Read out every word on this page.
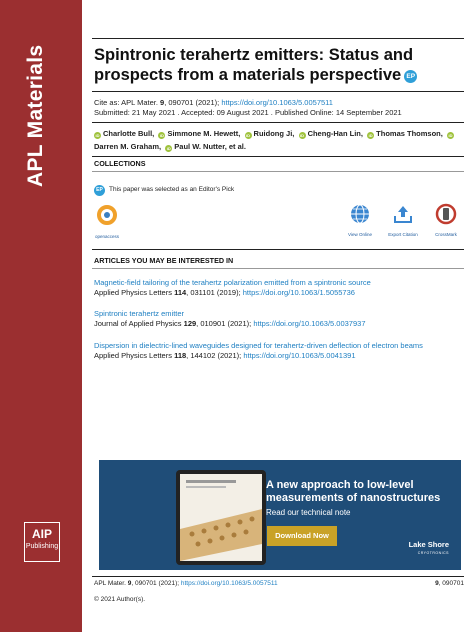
APL Materials
AIP
Publishing
Spintronic terahertz emitters: Status and prospects from a materials perspective EP
Cite as: APL Mater. 9, 090701 (2021); https://doi.org/10.1063/5.0057511
Submitted: 21 May 2021 . Accepted: 09 August 2021 . Published Online: 14 September 2021
iD Charlotte Bull,  iD Simmone M. Hewett,  iD Ruidong Ji,  iD Cheng-Han Lin,  iD Thomas Thomson,  iDDarren M. Graham,  iD Paul W. Nutter, et al.
COLLECTIONS
EP This paper was selected as an Editor's Pick
openaccess	View Online	Export Citation	CrossMark
ARTICLES YOU MAY BE INTERESTED IN
Magnetic-field tailoring of the terahertz polarization emitted from a spintronic source
Applied Physics Letters 114, 031101 (2019); https://doi.org/10.1063/1.5055736
Spintronic terahertz emitter
Journal of Applied Physics 129, 010901 (2021); https://doi.org/10.1063/5.0037937
Dispersion in dielectric-lined waveguides designed for terahertz-driven deflection of electron beams
Applied Physics Letters 118, 144102 (2021); https://doi.org/10.1063/5.0041391
A new approach to low-level
measurements of nanostructures
Read our technical note
Download Now
Lake Shore
CRYOTRONICS
APL Mater. 9, 090701 (2021); https://doi.org/10.1063/5.0057511	9, 090701
© 2021 Author(s).
